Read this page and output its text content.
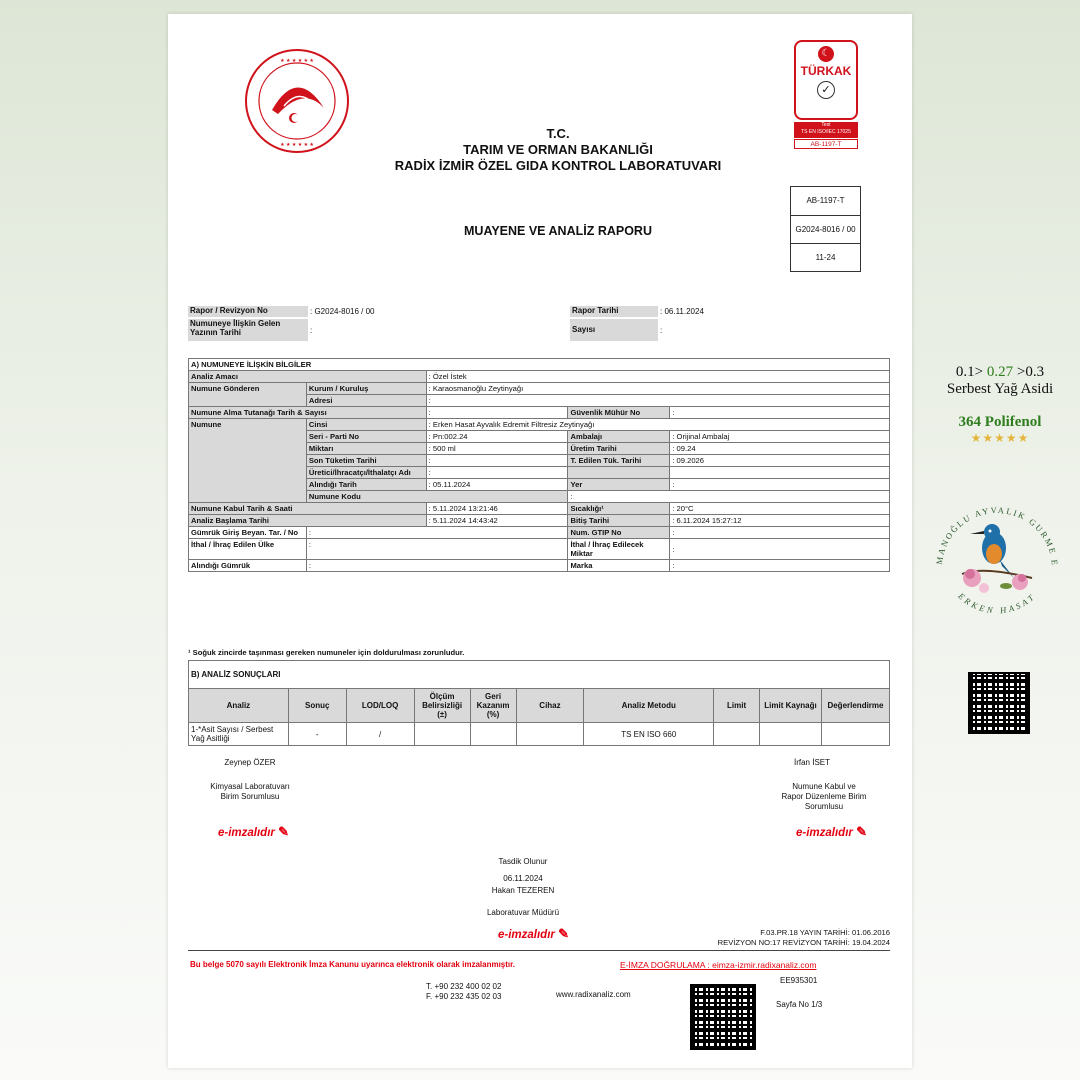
★ ★ ★ ★ ★ ★
★ ★ ★ ★ ★ ★
☾
TÜRKAK
✓
Test
TS EN ISO/IEC 17025
AB-1197-T
T.C.
TARIM VE ORMAN BAKANLIĞI
RADİX İZMİR ÖZEL GIDA KONTROL LABORATUVARI
AB-1197-T
G2024-8016 / 00
11-24
MUAYENE VE ANALİZ RAPORU
Rapor / Revizyon No	: G2024-8016 / 00
Numuneye İlişkin Gelen Yazının Tarihi	:
Rapor Tarihi	: 06.11.2024
Sayısı	:
A) NUMUNEYE İLİŞKİN BİLGİLER				
Analiz Amacı		: Özel İstek		
Numune Gönderen	Kurum / Kuruluş	: Karaosmanoğlu Zeytinyağı		
	Adresi	:		
Numune Alma Tutanağı Tarih & Sayısı		:	Güvenlik Mühür No	:
Numune	Cinsi	: Erken Hasat Ayvalık Edremit Filtresiz Zeytinyağı		
	Seri - Parti No	: Pn:002.24	Ambalajı	: Orijinal Ambalaj
	Miktarı	: 500 ml	Üretim Tarihi	: 09.24
	Son Tüketim Tarihi	:	T. Edilen Tük. Tarihi	: 09.2026
	Üretici/İhracatçı/İthalatçı Adı	:		
	Alındığı Tarih	: 05.11.2024	Yer	:
	Numune Kodu		:	
Numune Kabul Tarih & Saati		: 5.11.2024 13:21:46	Sıcaklığı¹	: 20°C
Analiz Başlama Tarihi		: 5.11.2024 14:43:42	Bitiş Tarihi	: 6.11.2024 15:27:12
Gümrük Giriş Beyan. Tar. / No	:		Num. GTIP No	:
İthal / İhraç Edilen Ülke	:		İthal / İhraç Edilecek Miktar	:
Alındığı Gümrük	:		Marka	:
¹ Soğuk zincirde taşınması gereken numuneler için doldurulması zorunludur.
B) ANALİZ SONUÇLARI									
Analiz	Sonuç	LOD/LOQ	Ölçüm Belirsizliği (±)	Geri Kazanım (%)	Cihaz	Analiz Metodu	Limit	Limit Kaynağı	Değerlendirme
1-*Asit Sayısı / Serbest Yağ Asitliği	-	/				TS EN ISO 660			
Zeynep ÖZER
Kimyasal Laboratuvarı
Birim Sorumlusu
e-imzalıdır ✎
İrfan İSET
Numune Kabul ve
Rapor Düzenleme Birim
Sorumlusu
e-imzalıdır ✎
Tasdik Olunur
06.11.2024
Hakan TEZEREN
Laboratuvar Müdürü
e-imzalıdır ✎	F.03.PR.18 YAYIN TARİHİ: 01.06.2016
REVİZYON NO:17 REVİZYON TARİHİ: 19.04.2024
Bu belge 5070 sayılı Elektronik İmza Kanunu uyarınca elektronik olarak imzalanmıştır.	E-İMZA DOĞRULAMA : eimza-izmir.radixanaliz.com
EE935301
T. +90 232 400 02 02
F. +90 232 435 02 03	www.radixanaliz.com
Sayfa No 1/3
0.1> 0.27 >0.3
Serbest Yağ Asidi
364 Polifenol
★★★★★
MANOĞLU AYVALIK GURME E
ERKEN HASAT
